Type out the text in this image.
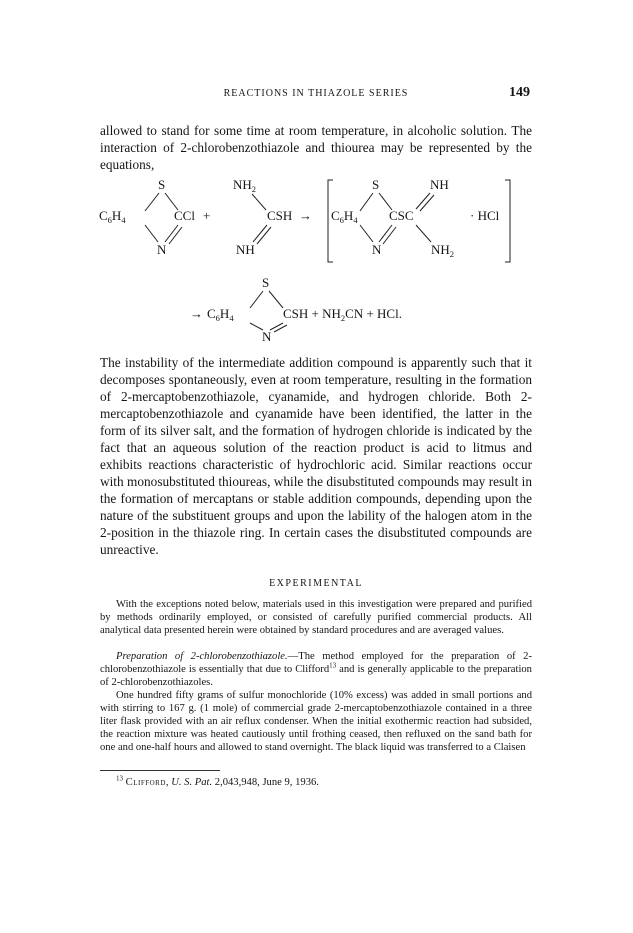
REACTIONS IN THIAZOLE SERIES	149

allowed to stand for some time at room temperature, in alcoholic solution. The interaction of 2-chlorobenzothiazole and thiourea may be represented by the equations,

S
$C_6H_4$	CCl +
N
$NH_2$
CSH →
NH
S
$C_6H_4$ CSC
NH
· HCl
N	$NH_2$
S
→ $C_6H_4$	CSH + $NH_2CN$ + HCl.
N

The instability of the intermediate addition compound is apparently such that it decomposes spontaneously, even at room temperature, resulting in the formation of 2-mercaptobenzothiazole, cyanamide, and hydrogen chloride. Both 2-mercaptobenzothiazole and cyanamide have been identified, the latter in the form of its silver salt, and the formation of hydrogen chloride is indicated by the fact that an aqueous solution of the reaction product is acid to litmus and exhibits reactions characteristic of hydrochloric acid. Similar reactions occur with monosubstituted thioureas, while the disubstituted compounds may result in the formation of mercaptans or stable addition compounds, depending upon the nature of the substituent groups and upon the lability of the halogen atom in the 2-position in the thiazole ring. In certain cases the disubstituted compounds are unreactive.

EXPERIMENTAL

With the exceptions noted below, materials used in this investigation were prepared and purified by methods ordinarily employed, or consisted of carefully purified commercial products. All analytical data presented herein were obtained by standard procedures and are averaged values.

Preparation of 2-chlorobenzothiazole.—The method employed for the preparation of 2-chlorobenzothiazole is essentially that due to Clifford$^{13}$ and is generally applicable to the preparation of 2-chlorobenzothiazoles.

One hundred fifty grams of sulfur monochloride (10% excess) was added in small portions and with stirring to 167 g. (1 mole) of commercial grade 2-mercaptobenzothiazole contained in a three liter flask provided with an air reflux condenser. When the initial exothermic reaction had subsided, the reaction mixture was heated cautiously until frothing ceased, then refluxed on the sand bath for one and one-half hours and allowed to stand overnight. The black liquid was transferred to a Claisen

$^{13}$ Clifford, U. S. Pat. 2,043,948, June 9, 1936.
